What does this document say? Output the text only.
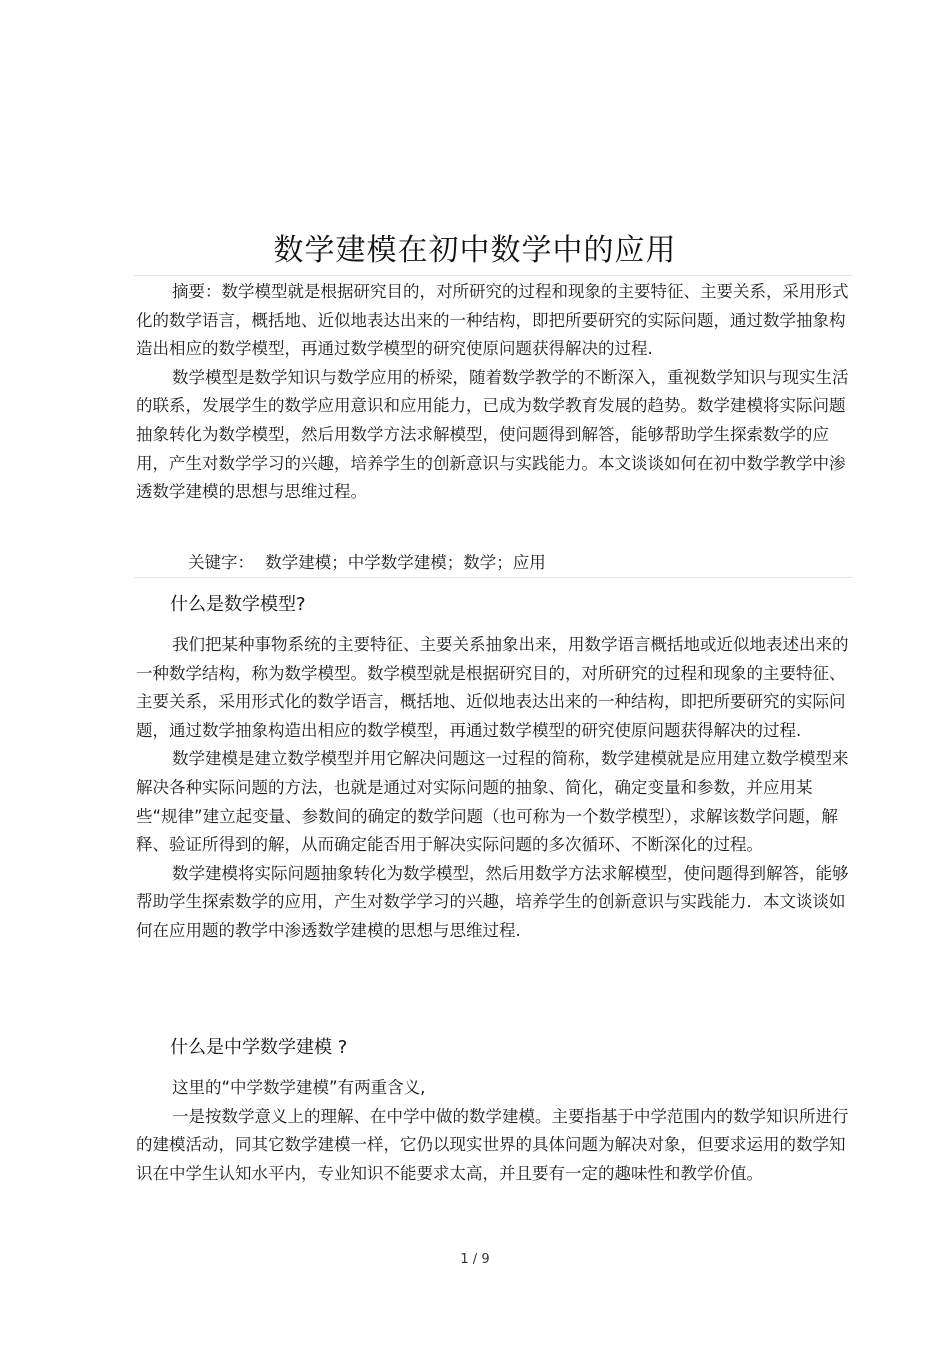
数学建模在初中数学中的应用

摘要：数学模型就是根据研究目的，对所研究的过程和现象的主要特征、主要关系，采用形式化的数学语言，概括地、近似地表达出来的一种结构，即把所要研究的实际问题，通过数学抽象构造出相应的数学模型，再通过数学模型的研究使原问题获得解决的过程.

数学模型是数学知识与数学应用的桥梁，随着数学教学的不断深入，重视数学知识与现实生活的联系，发展学生的数学应用意识和应用能力，已成为数学教育发展的趋势。数学建模将实际问题抽象转化为数学模型，然后用数学方法求解模型，使问题得到解答，能够帮助学生探索数学的应用，产生对数学学习的兴趣，培养学生的创新意识与实践能力。本文谈谈如何在初中数学教学中渗透数学建模的思想与思维过程。

关键字： 数学建模；中学数学建模；数学；应用
什么是数学模型?

我们把某种事物系统的主要特征、主要关系抽象出来，用数学语言概括地或近似地表述出来的一种数学结构，称为数学模型。数学模型就是根据研究目的，对所研究的过程和现象的主要特征、主要关系，采用形式化的数学语言，概括地、近似地表达出来的一种结构，即把所要研究的实际问题，通过数学抽象构造出相应的数学模型，再通过数学模型的研究使原问题获得解决的过程.

数学建模是建立数学模型并用它解决问题这一过程的简称，数学建模就是应用建立数学模型来解决各种实际问题的方法，也就是通过对实际问题的抽象、简化，确定变量和参数，并应用某些“规律”建立起变量、参数间的确定的数学问题（也可称为一个数学模型），求解该数学问题，解释、验证所得到的解，从而确定能否用于解决实际问题的多次循环、不断深化的过程。

数学建模将实际问题抽象转化为数学模型，然后用数学方法求解模型，使问题得到解答，能够帮助学生探索数学的应用，产生对数学学习的兴趣，培养学生的创新意识与实践能力．本文谈谈如何在应用题的教学中渗透数学建模的思想与思维过程.

什么是中学数学建模 ?

这里的“中学数学建模”有两重含义,

一是按数学意义上的理解、在中学中做的数学建模。主要指基于中学范围内的数学知识所进行的建模活动，同其它数学建模一样，它仍以现实世界的具体问题为解决对象，但要求运用的数学知识在中学生认知水平内，专业知识不能要求太高，并且要有一定的趣味性和教学价值。

1 / 9
